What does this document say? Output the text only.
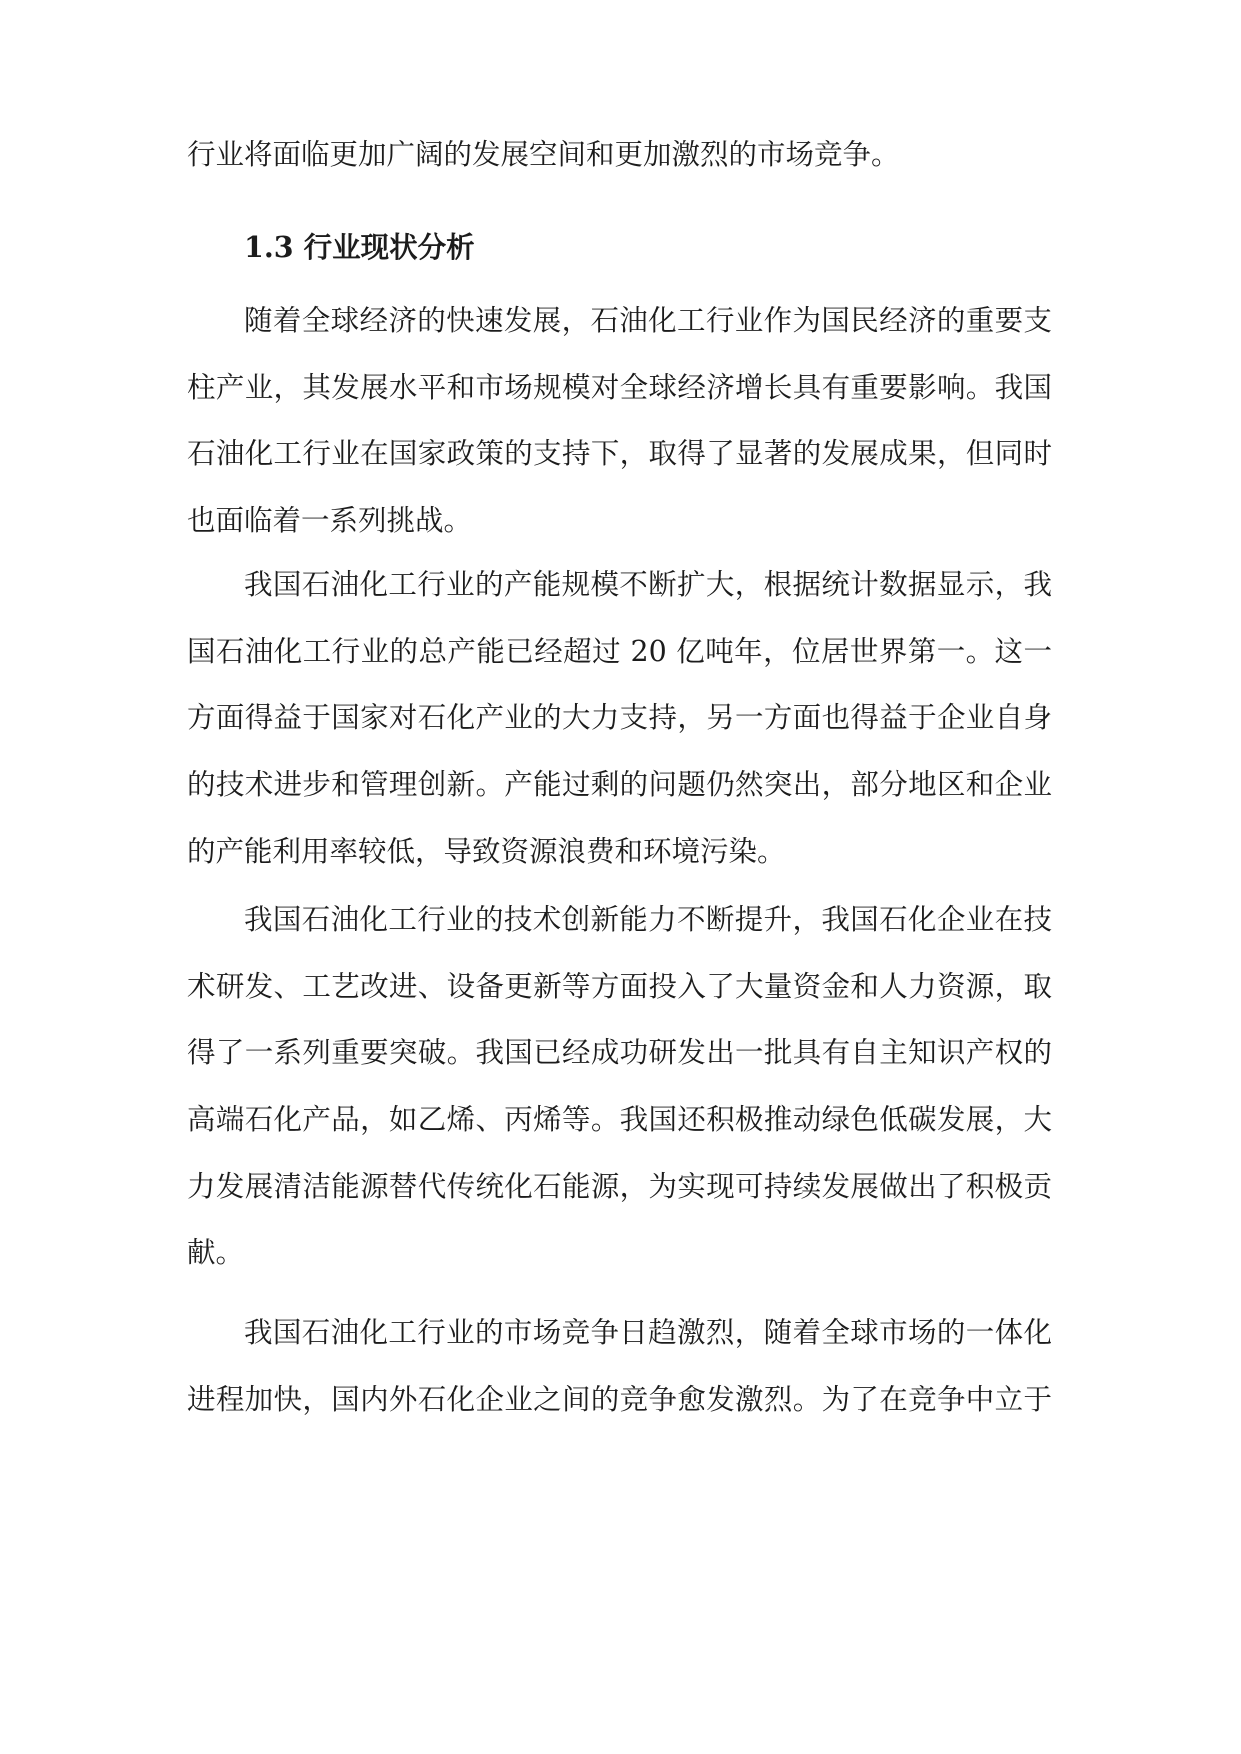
行业将面临更加广阔的发展空间和更加激烈的市场竞争。
1.3 行业现状分析
随着全球经济的快速发展，石油化工行业作为国民经济的重要支
柱产业，其发展水平和市场规模对全球经济增长具有重要影响。我国
石油化工行业在国家政策的支持下，取得了显著的发展成果，但同时
也面临着一系列挑战。
我国石油化工行业的产能规模不断扩大，根据统计数据显示，我
国石油化工行业的总产能已经超过 20 亿吨年，位居世界第一。这一
方面得益于国家对石化产业的大力支持，另一方面也得益于企业自身
的技术进步和管理创新。产能过剩的问题仍然突出，部分地区和企业
的产能利用率较低，导致资源浪费和环境污染。
我国石油化工行业的技术创新能力不断提升，我国石化企业在技
术研发、工艺改进、设备更新等方面投入了大量资金和人力资源，取
得了一系列重要突破。我国已经成功研发出一批具有自主知识产权的
高端石化产品，如乙烯、丙烯等。我国还积极推动绿色低碳发展，大
力发展清洁能源替代传统化石能源，为实现可持续发展做出了积极贡
献。
我国石油化工行业的市场竞争日趋激烈，随着全球市场的一体化
进程加快，国内外石化企业之间的竞争愈发激烈。为了在竞争中立于
